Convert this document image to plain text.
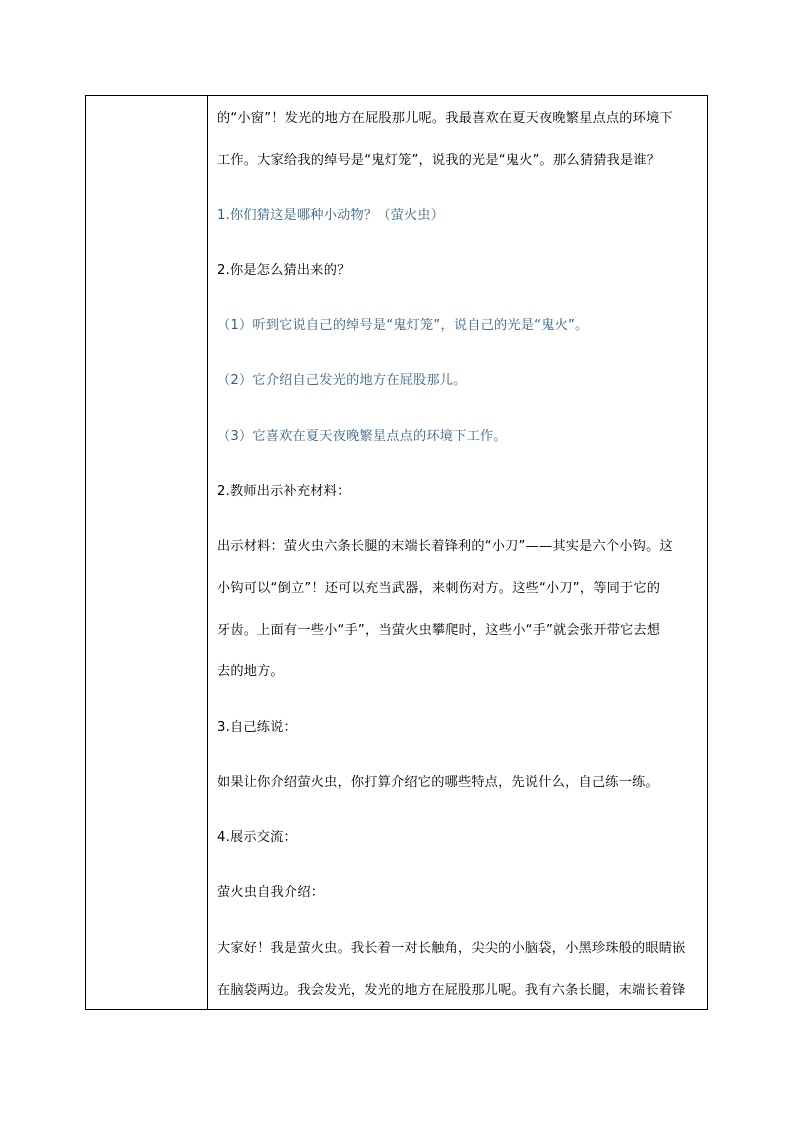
的“小窗”！发光的地方在屁股那儿呢。我最喜欢在夏天夜晚繁星点点的环境下
工作。大家给我的绰号是“鬼灯笼”，说我的光是“鬼火”。那么猜猜我是谁？
1.你们猜这是哪种小动物？（萤火虫）
2.你是怎么猜出来的？
（1）听到它说自己的绰号是“鬼灯笼”，说自己的光是“鬼火”。
（2）它介绍自己发光的地方在屁股那儿。
（3）它喜欢在夏天夜晚繁星点点的环境下工作。
2.教师出示补充材料：
出示材料：萤火虫六条长腿的末端长着锋利的“小刀”——其实是六个小钩。这
小钩可以“倒立”！还可以充当武器，来刺伤对方。这些“小刀”，等同于它的
牙齿。上面有一些小“手”，当萤火虫攀爬时，这些小“手”就会张开带它去想
去的地方。
3.自己练说：
如果让你介绍萤火虫，你打算介绍它的哪些特点，先说什么，自己练一练。
4.展示交流：
萤火虫自我介绍：
大家好！我是萤火虫。我长着一对长触角，尖尖的小脑袋，小黑珍珠般的眼睛嵌
在脑袋两边。我会发光，发光的地方在屁股那儿呢。我有六条长腿，末端长着锋
